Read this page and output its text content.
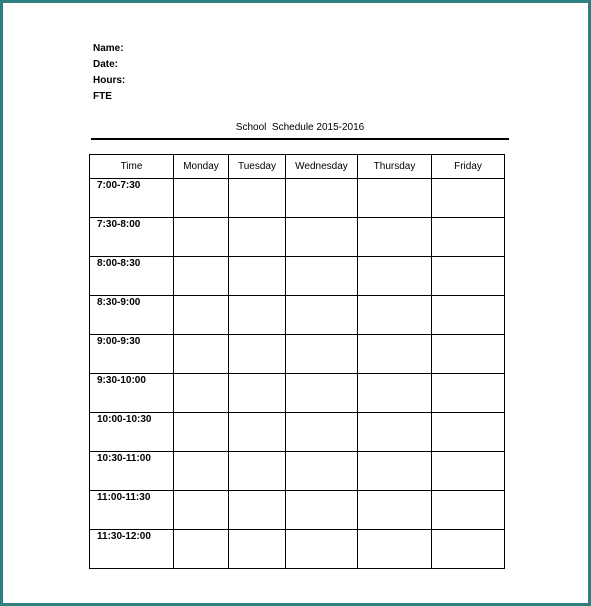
Name:
Date:
Hours:
FTE
School  Schedule 2015-2016
Time	Monday	Tuesday	Wednesday	Thursday	Friday
7:00-7:30					
7:30-8:00					
8:00-8:30					
8:30-9:00					
9:00-9:30					
9:30-10:00					
10:00-10:30					
10:30-11:00					
11:00-11:30					
11:30-12:00					
